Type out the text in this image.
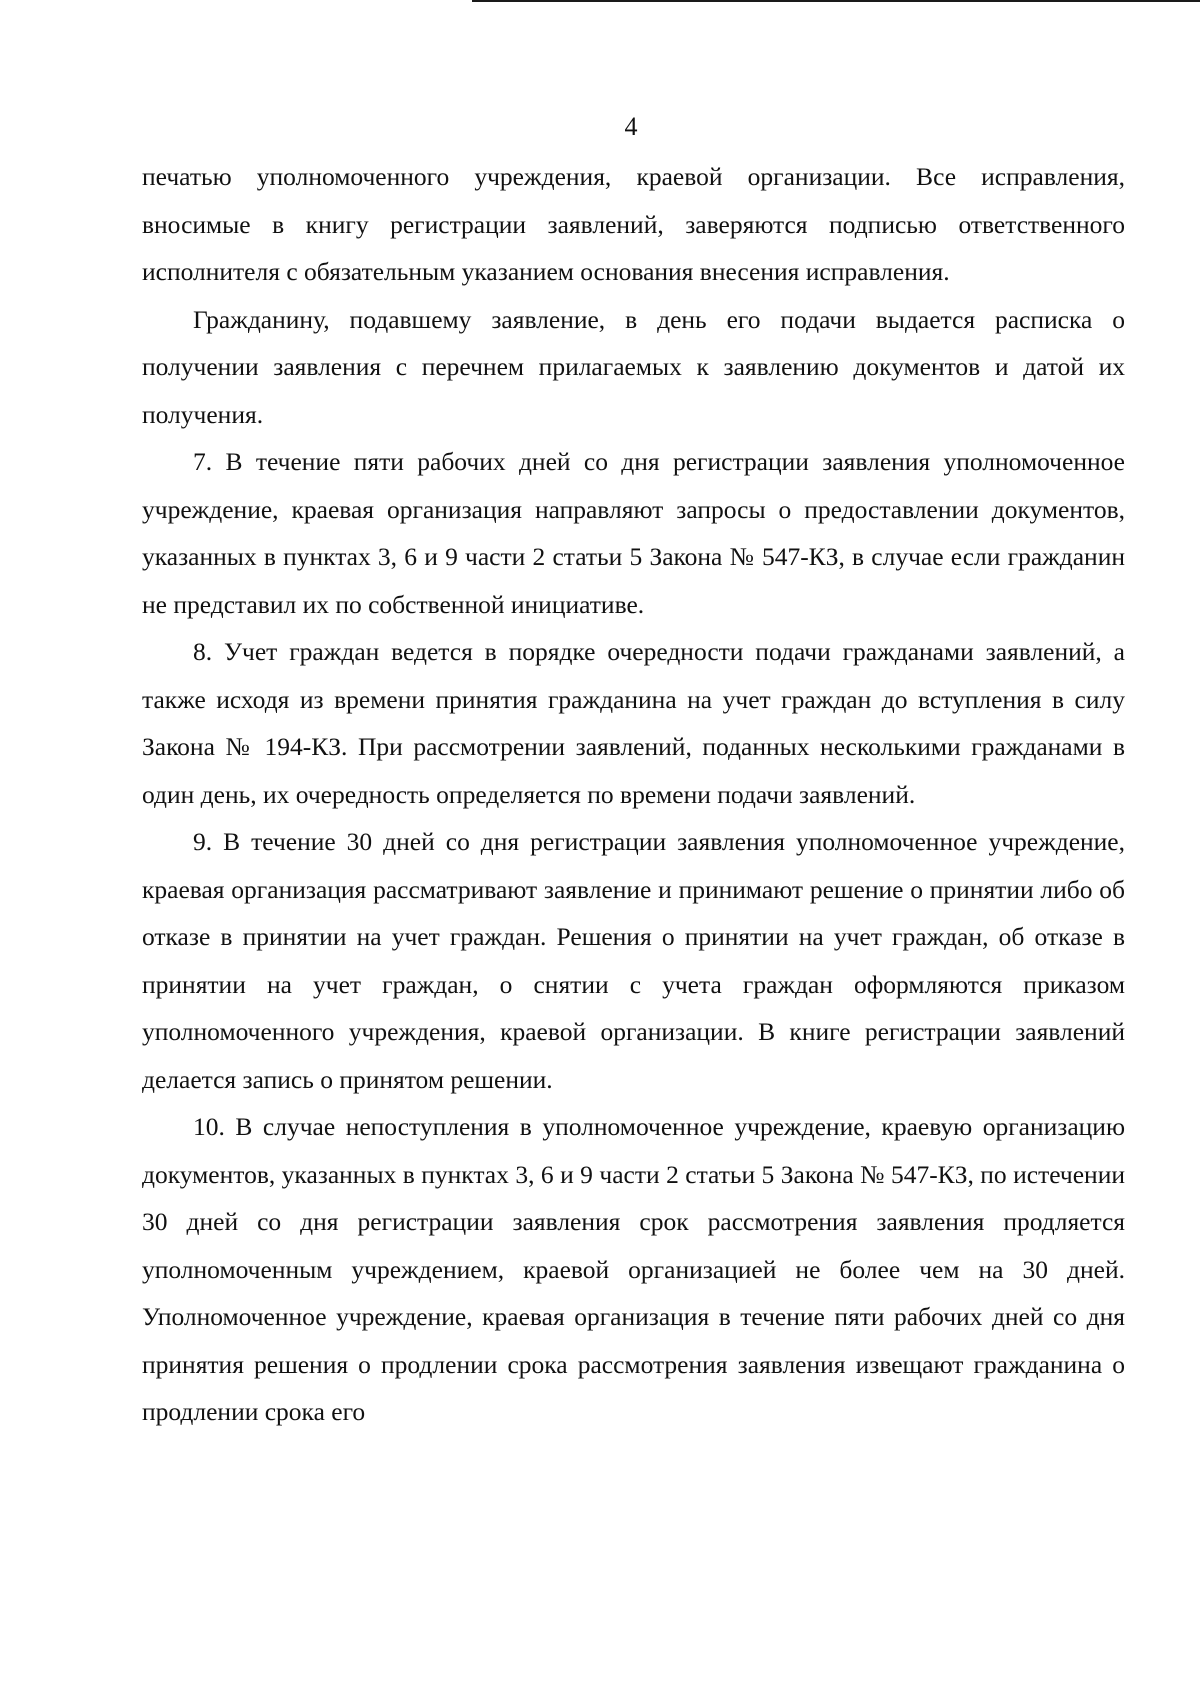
4

печатью уполномоченного учреждения, краевой организации. Все исправления, вносимые в книгу регистрации заявлений, заверяются подписью ответственного исполнителя с обязательным указанием основания внесения исправления.

Гражданину, подавшему заявление, в день его подачи выдается расписка о получении заявления с перечнем прилагаемых к заявлению документов и датой их получения.

7. В течение пяти рабочих дней со дня регистрации заявления уполномоченное учреждение, краевая организация направляют запросы о предоставлении документов, указанных в пунктах 3, 6 и 9 части 2 статьи 5 Закона № 547-КЗ, в случае если гражданин не представил их по собственной инициативе.

8. Учет граждан ведется в порядке очередности подачи гражданами заявлений, а также исходя из времени принятия гражданина на учет граждан до вступления в силу Закона № 194-КЗ. При рассмотрении заявлений, поданных несколькими гражданами в один день, их очередность определяется по времени подачи заявлений.

9. В течение 30 дней со дня регистрации заявления уполномоченное учреждение, краевая организация рассматривают заявление и принимают решение о принятии либо об отказе в принятии на учет граждан. Решения о принятии на учет граждан, об отказе в принятии на учет граждан, о снятии с учета граждан оформляются приказом уполномоченного учреждения, краевой организации. В книге регистрации заявлений делается запись о принятом решении.

10. В случае непоступления в уполномоченное учреждение, краевую организацию документов, указанных в пунктах 3, 6 и 9 части 2 статьи 5 Закона № 547-КЗ, по истечении 30 дней со дня регистрации заявления срок рассмотрения заявления продляется уполномоченным учреждением, краевой организацией не более чем на 30 дней. Уполномоченное учреждение, краевая организация в течение пяти рабочих дней со дня принятия решения о продлении срока рассмотрения заявления извещают гражданина о продлении срока его
